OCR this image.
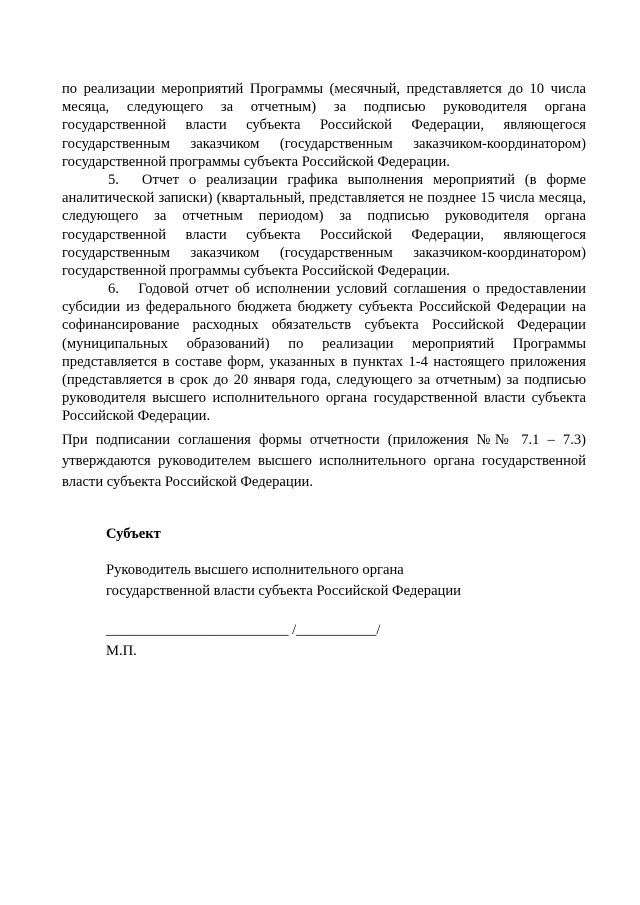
по реализации мероприятий Программы (месячный, представляется до 10 числа месяца, следующего за отчетным) за подписью руководителя органа государственной власти субъекта Российской Федерации, являющегося государственным заказчиком (государственным заказчиком-координатором) государственной программы субъекта Российской Федерации.
5. Отчет о реализации графика выполнения мероприятий (в форме аналитической записки) (квартальный, представляется не позднее 15 числа месяца, следующего за отчетным периодом) за подписью руководителя органа государственной власти субъекта Российской Федерации, являющегося государственным заказчиком (государственным заказчиком-координатором) государственной программы субъекта Российской Федерации.
6. Годовой отчет об исполнении условий соглашения о предоставлении субсидии из федерального бюджета бюджету субъекта Российской Федерации на софинансирование расходных обязательств субъекта Российской Федерации (муниципальных образований) по реализации мероприятий Программы представляется в составе форм, указанных в пунктах 1-4 настоящего приложения (представляется в срок до 20 января года, следующего за отчетным) за подписью руководителя высшего исполнительного органа государственной власти субъекта Российской Федерации.
При подписании соглашения формы отчетности (приложения №№ 7.1 – 7.3) утверждаются руководителем высшего исполнительного органа государственной власти субъекта Российской Федерации.
Субъект
Руководитель высшего исполнительного органа
государственной власти субъекта Российской Федерации
_________________________ /___________/
М.П.
